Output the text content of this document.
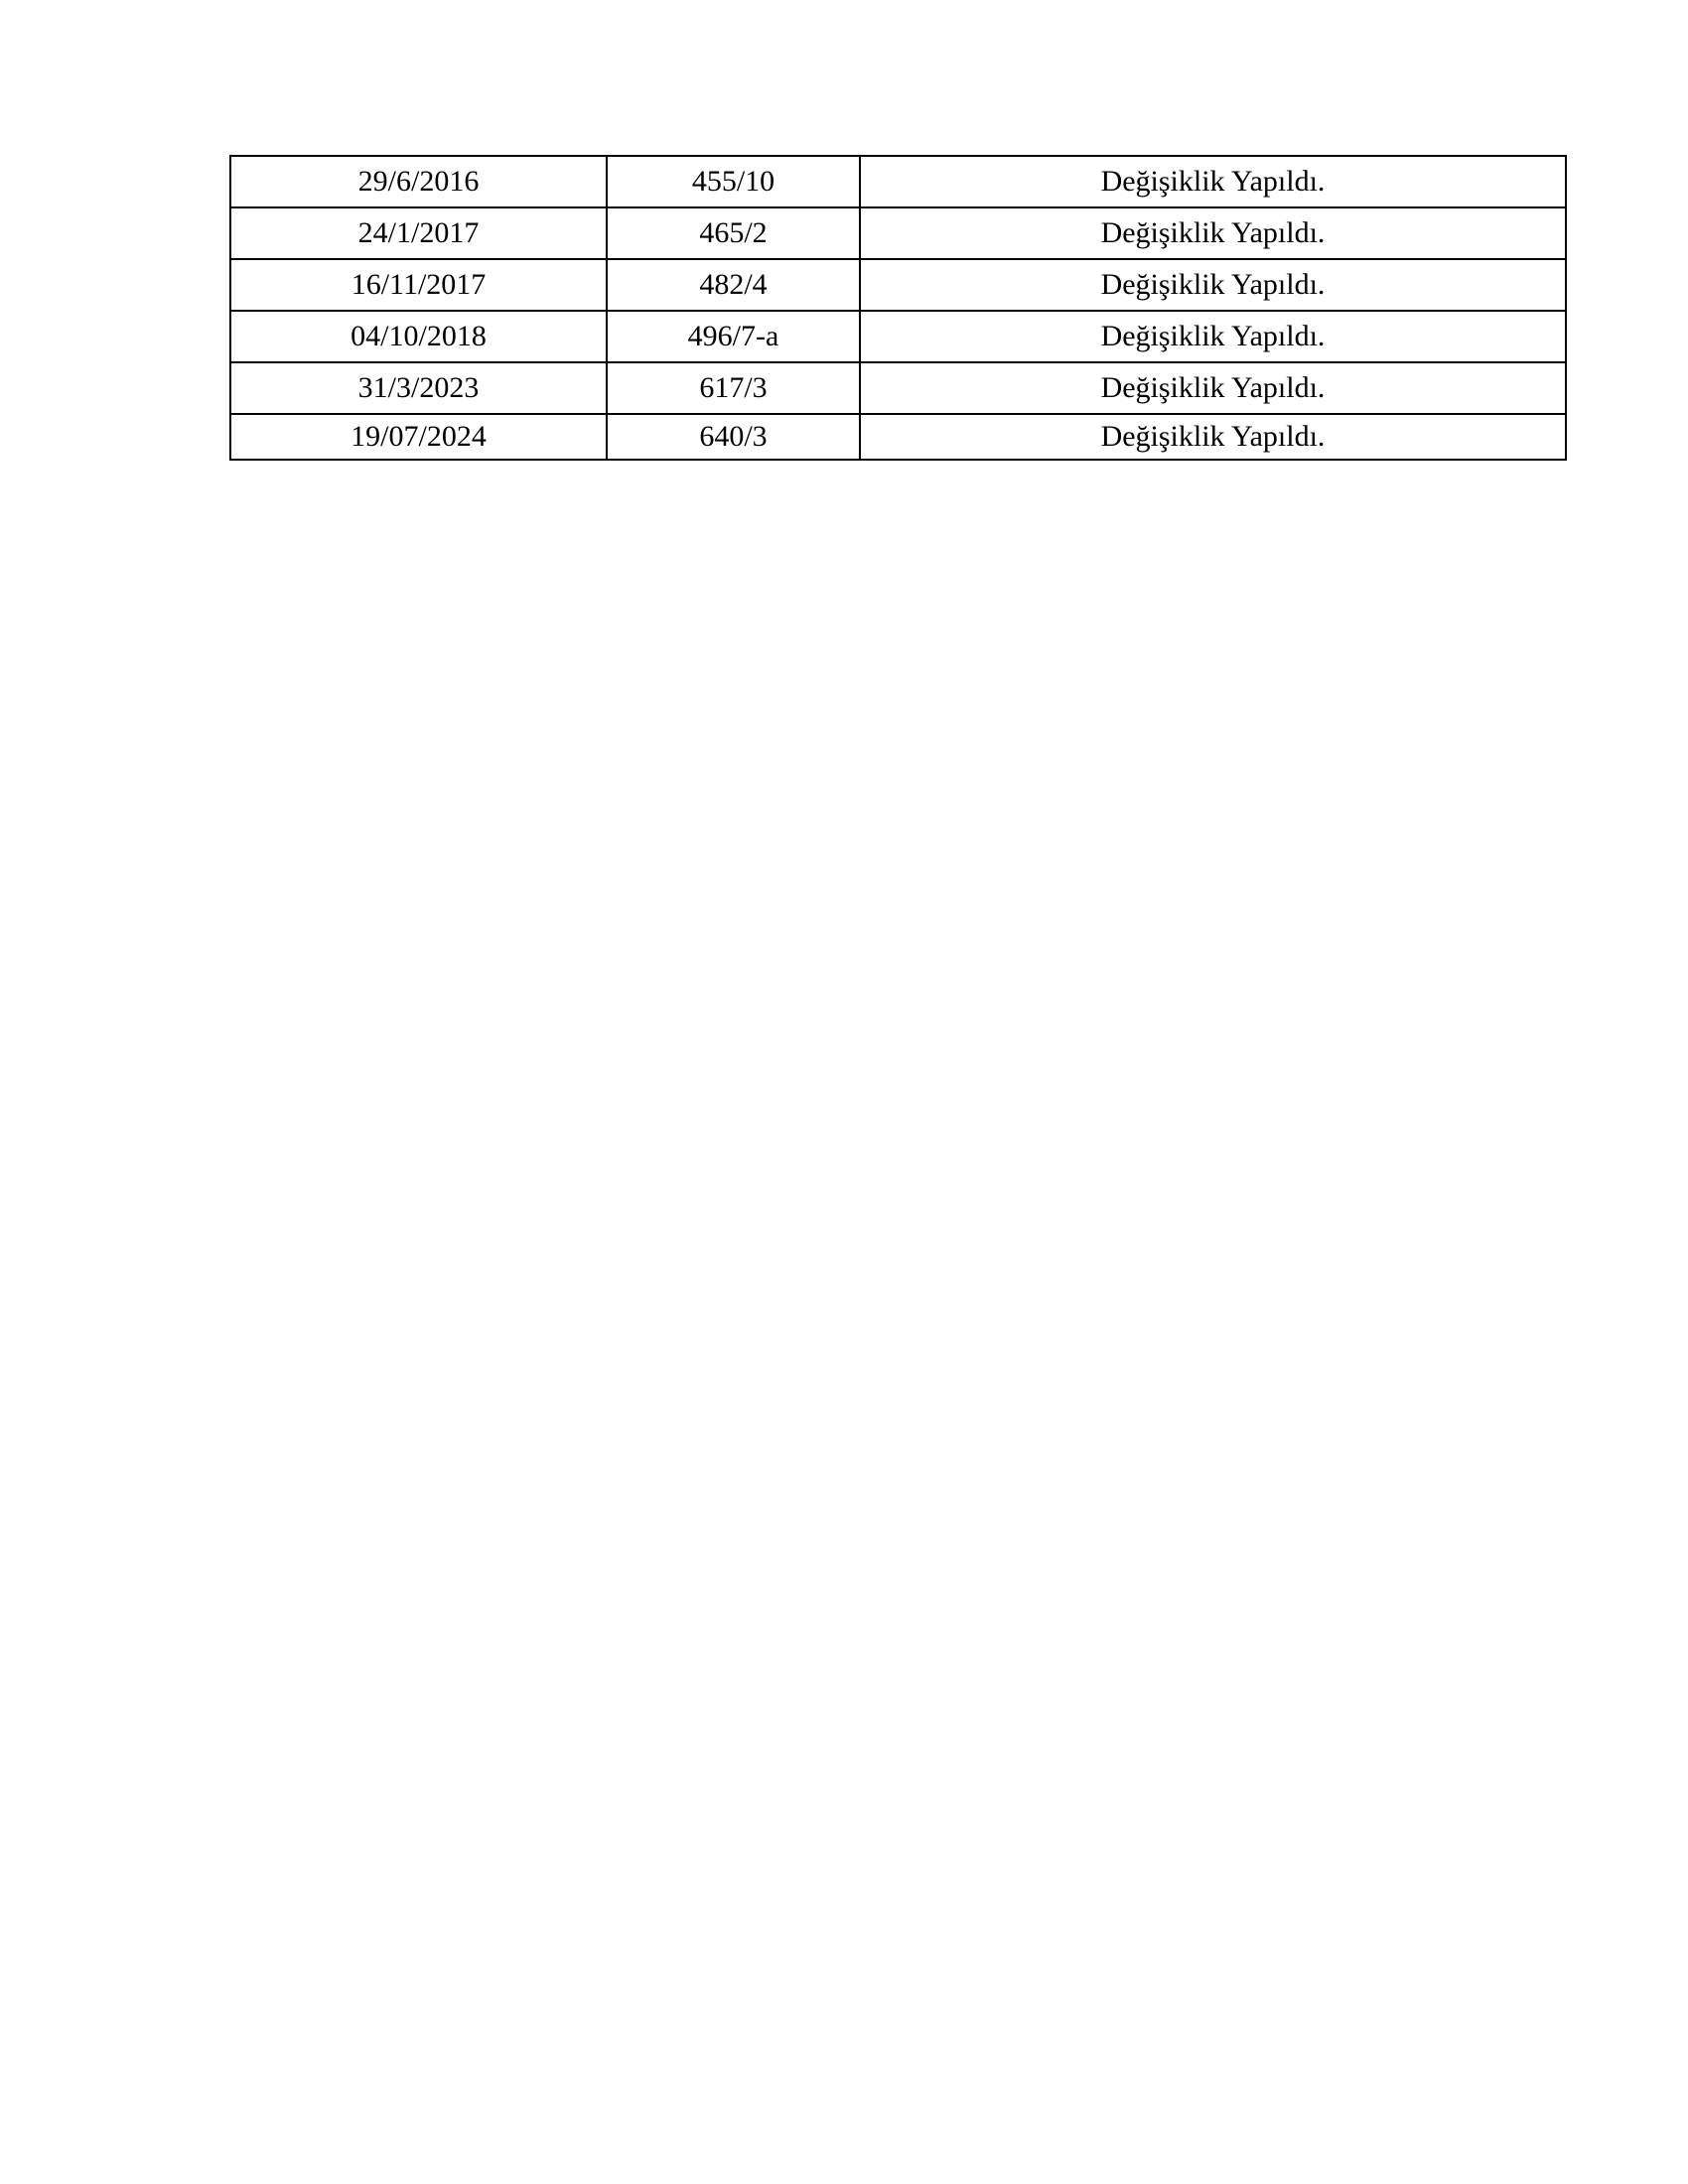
29/6/2016	455/10	Değişiklik Yapıldı.
24/1/2017	465/2	Değişiklik Yapıldı.
16/11/2017	482/4	Değişiklik Yapıldı.
04/10/2018	496/7-a	Değişiklik Yapıldı.
31/3/2023	617/3	Değişiklik Yapıldı.
19/07/2024	640/3	Değişiklik Yapıldı.
